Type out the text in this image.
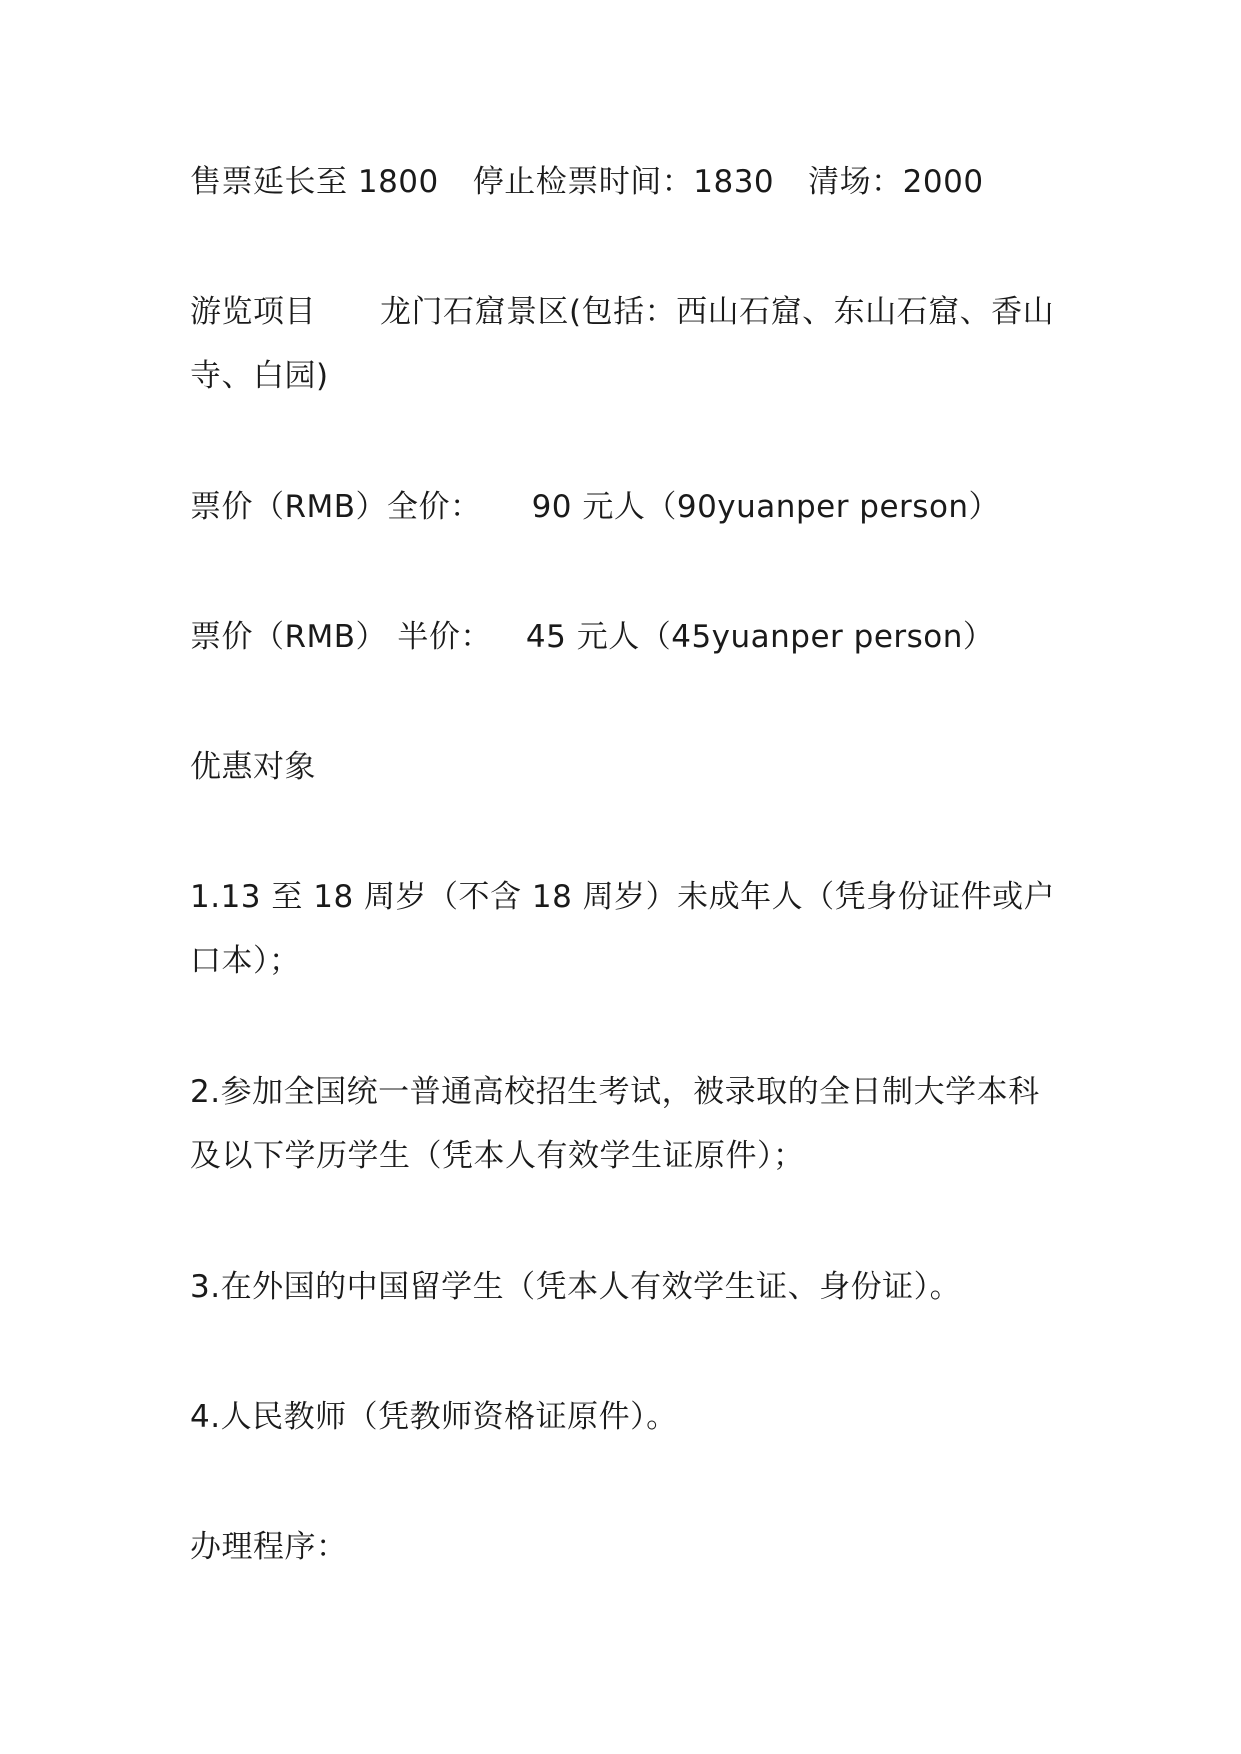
售票延长至 1800 停止检票时间：1830 清场：2000
游览项目 龙门石窟景区(包括：西山石窟、东山石窟、香山寺、白园)
票价（RMB）全价： 90 元人（90yuanper person）
票价（RMB） 半价： 45 元人（45yuanper person）
优惠对象
1.13 至 18 周岁（不含 18 周岁）未成年人（凭身份证件或户口本）；
2.参加全国统一普通高校招生考试，被录取的全日制大学本科及以下学历学生（凭本人有效学生证原件）；
3.在外国的中国留学生（凭本人有效学生证、身份证）。
4.人民教师（凭教师资格证原件）。
办理程序：
